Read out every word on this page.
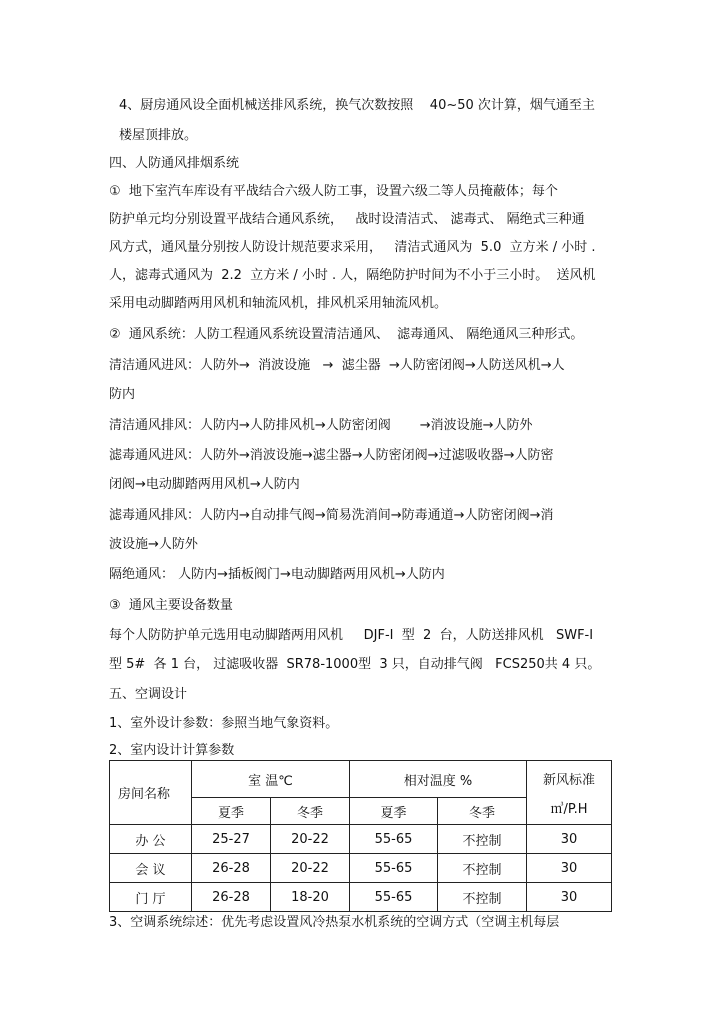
4、厨房通风设全面机械送排风系统，换气次数按照    40~50 次计算，烟气通至主
楼屋顶排放。
四、人防通风排烟系统
①  地下室汽车库设有平战结合六级人防工事，设置六级二等人员掩蔽体；每个
防护单元均分别设置平战结合通风系统，   战时设清洁式、 滤毒式、 隔绝式三种通
风方式，通风量分别按人防设计规范要求采用，   清洁式通风为  5.0  立方米 / 小时 .
人，滤毒式通风为  2.2  立方米 / 小时 . 人，隔绝防护时间为不小于三小时。  送风机
采用电动脚踏两用风机和轴流风机，排风机采用轴流风机。
②  通风系统：人防工程通风系统设置清洁通风、  滤毒通风、 隔绝通风三种形式。
清洁通风进风：人防外→  消波设施   →  滤尘器  →人防密闭阀→人防送风机→人
防内
清洁通风排风：人防内→人防排风机→人防密闭阀       →消波设施→人防外
滤毒通风进风：人防外→消波设施→滤尘器→人防密闭阀→过滤吸收器→人防密
闭阀→电动脚踏两用风机→人防内
滤毒通风排风：人防内→自动排气阀→简易洗消间→防毒通道→人防密闭阀→消
波设施→人防外
隔绝通风： 人防内→插板阀门→电动脚踏两用风机→人防内
③  通风主要设备数量
每个人防防护单元选用电动脚踏两用风机     DJF-I  型  2  台，人防送排风机   SWF-I
型 5#  各 1 台， 过滤吸收器  SR78-1000型  3 只，自动排气阀   FCS250共 4 只。
五、空调设计
1、室外设计参数：参照当地气象资料。
2、室内设计计算参数
房间名称	室 温℃		相对温度 %		新风标准
㎥/P.H

	夏季	冬季	夏季	冬季	
办 公	25-27	20-22	55-65	不控制	30
会 议	26-28	20-22	55-65	不控制	30
门 厅	26-28	18-20	55-65	不控制	30
3、空调系统综述：优先考虑设置风冷热泵水机系统的空调方式（空调主机每层
